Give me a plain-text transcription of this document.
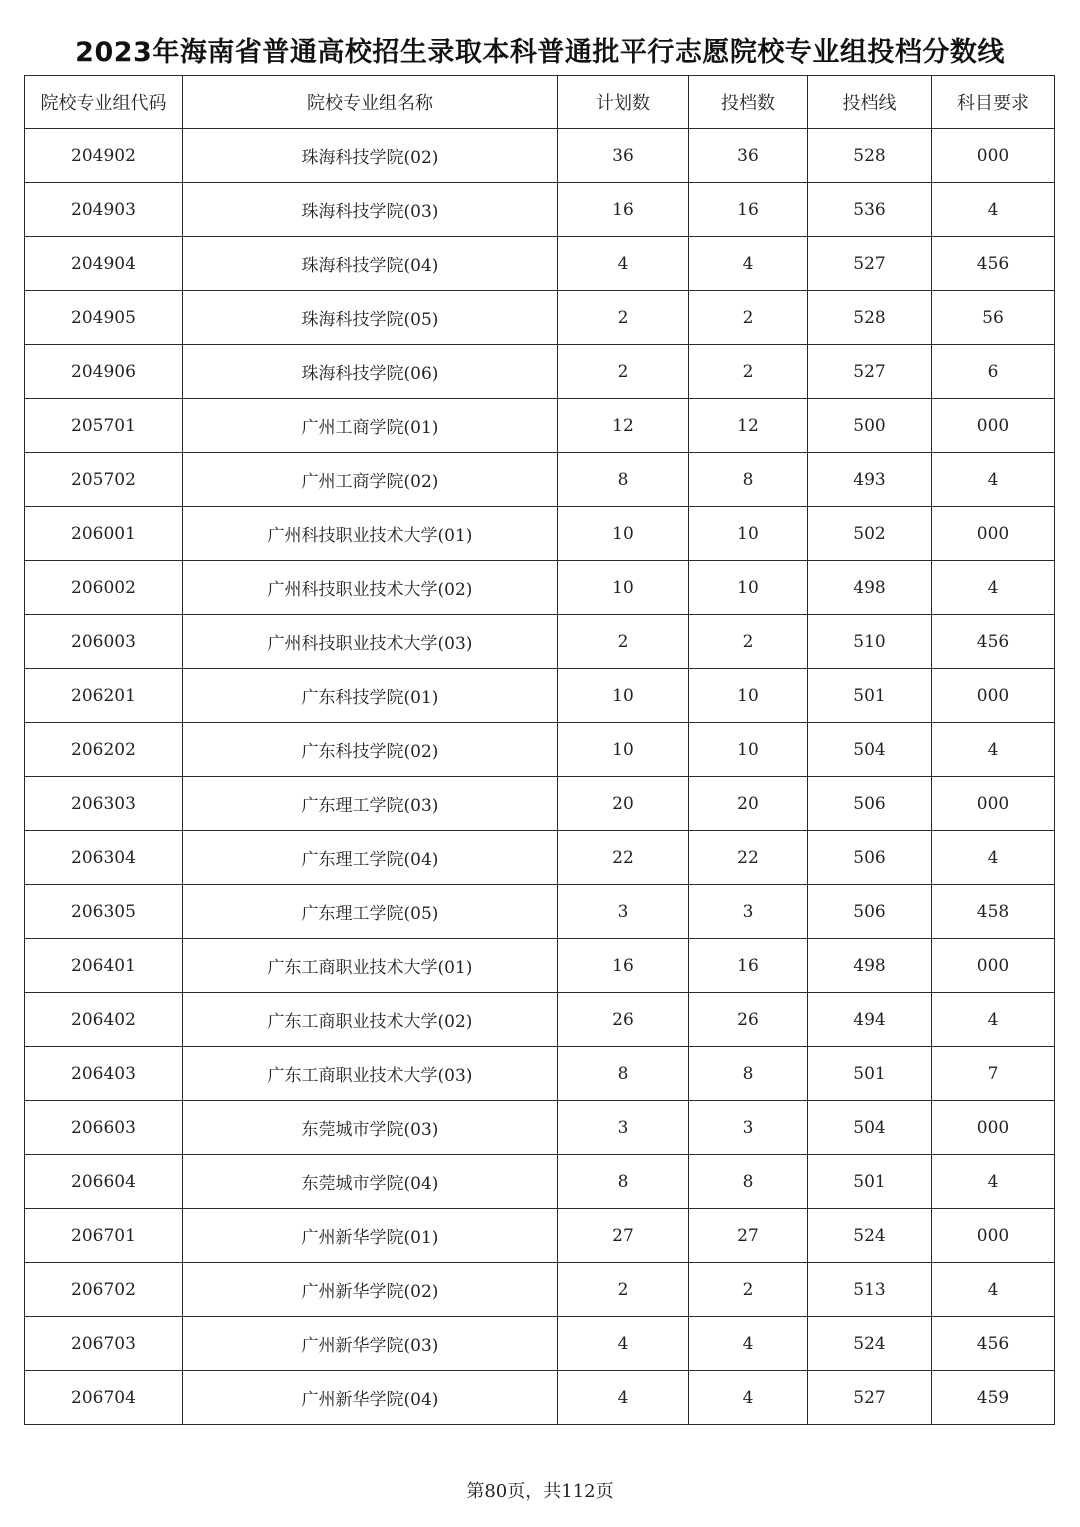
2023年海南省普通高校招生录取本科普通批平行志愿院校专业组投档分数线
院校专业组代码	院校专业组名称	计划数	投档数	投档线	科目要求
204902	珠海科技学院(02)	36	36	528	000
204903	珠海科技学院(03)	16	16	536	4
204904	珠海科技学院(04)	4	4	527	456
204905	珠海科技学院(05)	2	2	528	56
204906	珠海科技学院(06)	2	2	527	6
205701	广州工商学院(01)	12	12	500	000
205702	广州工商学院(02)	8	8	493	4
206001	广州科技职业技术大学(01)	10	10	502	000
206002	广州科技职业技术大学(02)	10	10	498	4
206003	广州科技职业技术大学(03)	2	2	510	456
206201	广东科技学院(01)	10	10	501	000
206202	广东科技学院(02)	10	10	504	4
206303	广东理工学院(03)	20	20	506	000
206304	广东理工学院(04)	22	22	506	4
206305	广东理工学院(05)	3	3	506	458
206401	广东工商职业技术大学(01)	16	16	498	000
206402	广东工商职业技术大学(02)	26	26	494	4
206403	广东工商职业技术大学(03)	8	8	501	7
206603	东莞城市学院(03)	3	3	504	000
206604	东莞城市学院(04)	8	8	501	4
206701	广州新华学院(01)	27	27	524	000
206702	广州新华学院(02)	2	2	513	4
206703	广州新华学院(03)	4	4	524	456
206704	广州新华学院(04)	4	4	527	459
第80页，共112页
